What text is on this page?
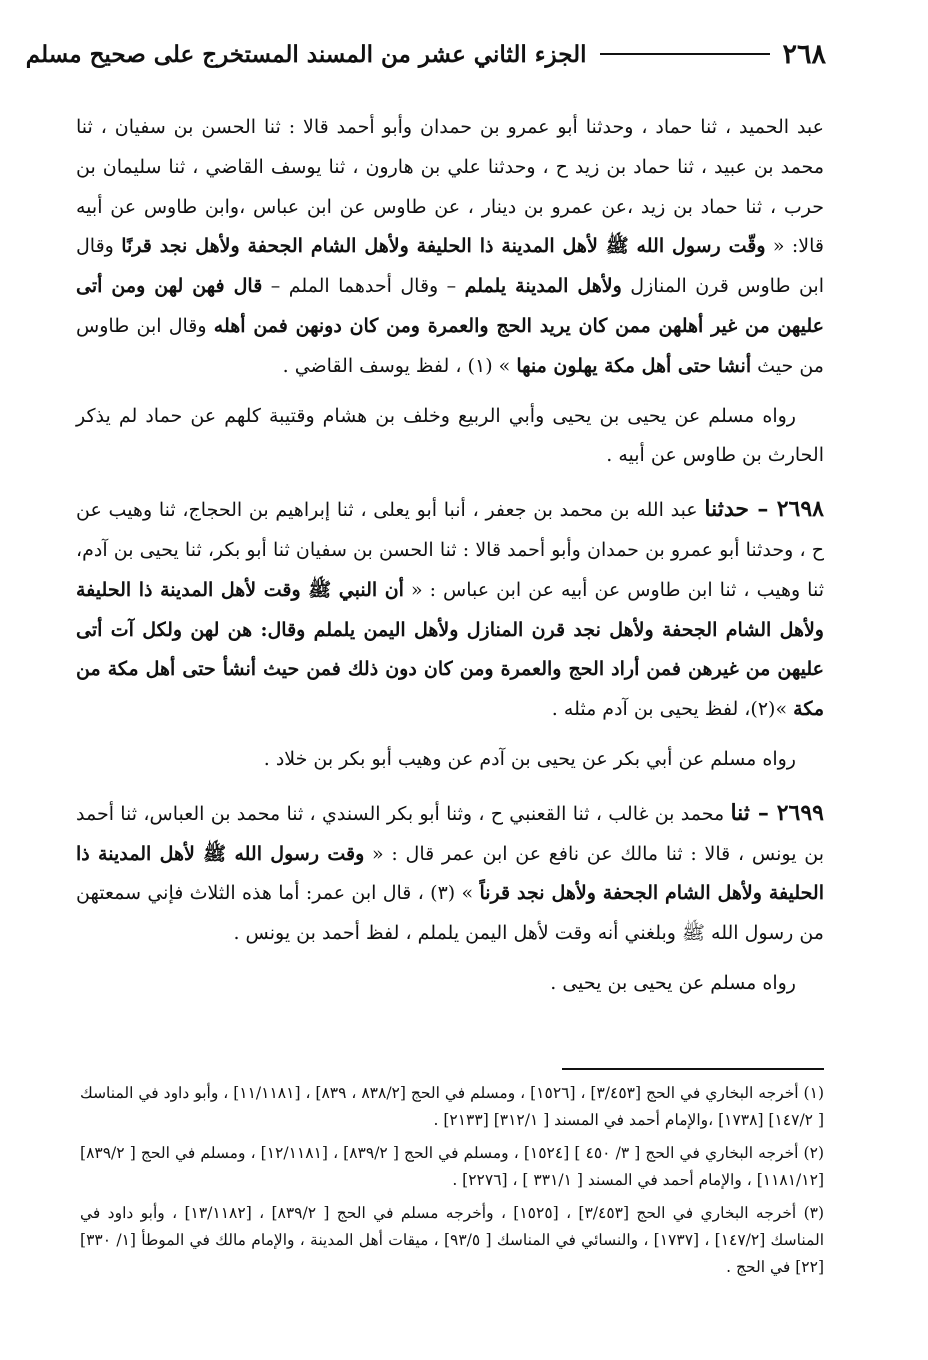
٢٦٨
الجزء الثاني عشر من المسند المستخرج على صحيح مسلم

عبد الحميد ، ثنا حماد ، وحدثنا أبو عمرو بن حمدان وأبو أحمد قالا : ثنا الحسن بن سفيان ، ثنا محمد بن عبيد ، ثنا حماد بن زيد ح ، وحدثنا علي بن هارون ، ثنا يوسف القاضي ، ثنا سليمان بن حرب ، ثنا حماد بن زيد ،عن عمرو بن دينار ، عن طاوس عن ابن عباس ،وابن طاوس عن أبيه قالا: « وقّت رسول الله ﷺ لأهل المدينة ذا الحليفة ولأهل الشام الجحفة ولأهل نجد قرنًا وقال ابن طاوس قرن المنازل ولأهل المدينة يلملم – وقال أحدهما الملم – قال فهن لهن ومن أتى عليهن من غير أهلهن ممن كان يريد الحج والعمرة ومن كان دونهن فمن أهله وقال ابن طاوس من حيث أنشا حتى أهل مكة يهلون منها » (١) ، لفظ يوسف القاضي .

رواه مسلم عن يحيى بن يحيى وأبي الربيع وخلف بن هشام وقتيبة كلهم عن حماد لم يذكر الحارث بن طاوس عن أبيه .

٢٦٩٨ – حدثنا عبد الله بن محمد بن جعفر ، أنبا أبو يعلى ، ثنا إبراهيم بن الحجاج، ثنا وهيب عن ح ، وحدثنا أبو عمرو بن حمدان وأبو أحمد قالا : ثنا الحسن بن سفيان ثنا أبو بكر، ثنا يحيى بن آدم، ثنا وهيب ، ثنا ابن طاوس عن أبيه عن ابن عباس : « أن النبي ﷺ وقت لأهل المدينة ذا الحليفة ولأهل الشام الجحفة ولأهل نجد قرن المنازل ولأهل اليمن يلملم وقال: هن لهن ولكل آت أتى عليهن من غيرهن فمن أراد الحج والعمرة ومن كان دون ذلك فمن حيث أنشأ حتى أهل مكة من مكة »(٢)، لفظ يحيى بن آدم مثله .

رواه مسلم عن أبي بكر عن يحيى بن آدم عن وهيب أبو بكر بن خلاد .

٢٦٩٩ – ثنا محمد بن غالب ، ثنا القعنبي ح ، وثنا أبو بكر السندي ، ثنا محمد بن العباس، ثنا أحمد بن يونس ، قالا : ثنا مالك عن نافع عن ابن عمر قال : « وقت رسول الله ﷺ لأهل المدينة ذا الحليفة ولأهل الشام الجحفة ولأهل نجد قرناً » (٣) ، قال ابن عمر: أما هذه الثلاث فإني سمعتهن من رسول الله ﷺ وبلغني أنه وقت لأهل اليمن يلملم ، لفظ أحمد بن يونس .

رواه مسلم عن يحيى بن يحيى .

(١) أخرجه البخاري في الحج [٣/٤٥٣] ، [١٥٢٦] ، ومسلم في الحج [٨٣٨/٢ ، ٨٣٩] ، [١١/١١٨١] ، وأبو داود في المناسك [ ١٤٧/٢] [١٧٣٨] ،والإمام أحمد في المسند [ ٣١٢/١] [٢١٣٣] .

(٢) أخرجه البخاري في الحج [ ٣/ ٤٥٠ ] [١٥٢٤] ، ومسلم في الحج [ ٨٣٩/٢] ، [١٢/١١٨١] ، ومسلم في الحج [ ٨٣٩/٢] [١١٨١/١٢] ، والإمام أحمد في المسند [ ٣٣١/١ ] ، [٢٢٧٦] .

(٣) أخرجه البخاري في الحج [٣/٤٥٣] ، [١٥٢٥] ، وأخرجه مسلم في الحج [ ٨٣٩/٢] ، [١٣/١١٨٢] ، وأبو داود في المناسك [١٤٧/٢] ، [١٧٣٧] ، والنسائي في المناسك [ ٩٣/٥] ، ميقات أهل المدينة ، والإمام مالك في الموطأ [١/ ٣٣٠] [٢٢] في الحج .
